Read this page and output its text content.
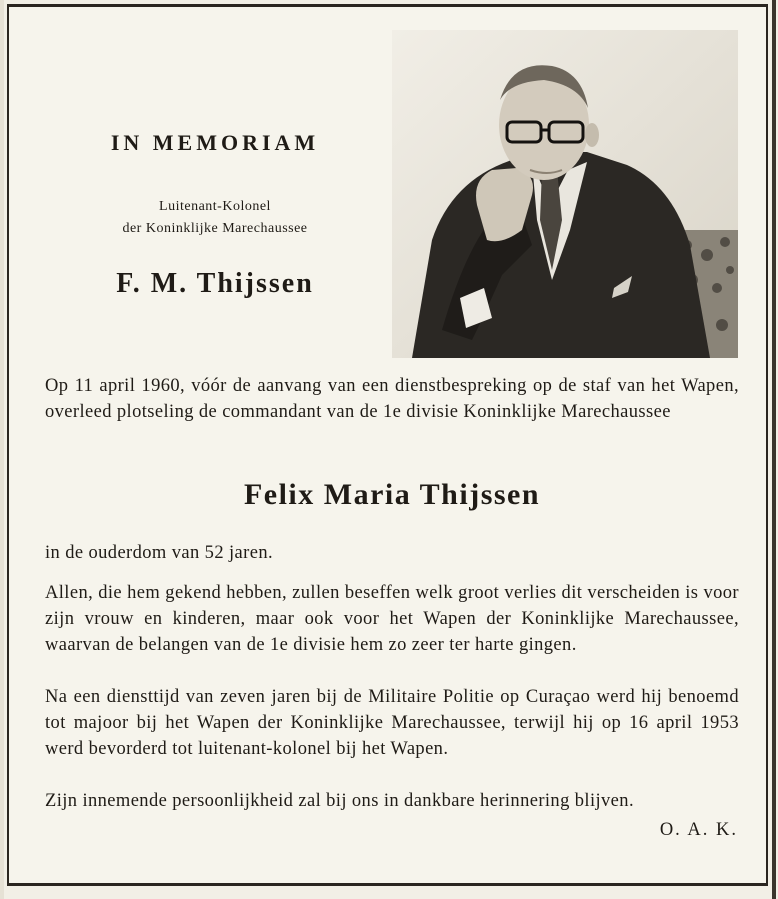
IN MEMORIAM
Luitenant-Kolonel
der Koninklijke Marechaussee
F. M. Thijssen
Op 11 april 1960, vóór de aanvang van een dienstbespreking op de staf van het Wapen, overleed plotseling de commandant van de 1e divisie Koninklijke Marechaussee
Felix Maria Thijssen
in de ouderdom van 52 jaren.
Allen, die hem gekend hebben, zullen beseffen welk groot verlies dit verscheiden is voor zijn vrouw en kinderen, maar ook voor het Wapen der Koninklijke Marechaussee, waarvan de belangen van de 1e divisie hem zo zeer ter harte gingen.
Na een diensttijd van zeven jaren bij de Militaire Politie op Curaçao werd hij benoemd tot majoor bij het Wapen der Koninklijke Marechaussee, terwijl hij op 16 april 1953 werd bevorderd tot luitenant-kolonel bij het Wapen.
Zijn innemende persoonlijkheid zal bij ons in dankbare herinnering blijven.
O. A. K.
